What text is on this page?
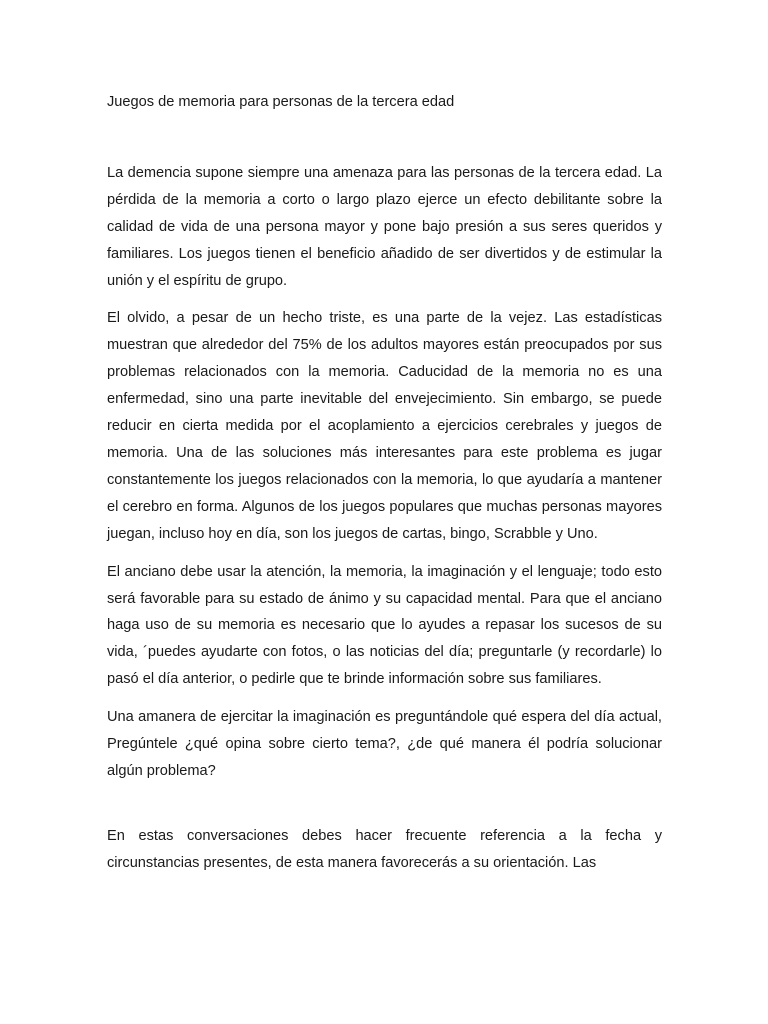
Juegos de memoria para personas de la tercera edad

La demencia supone siempre una amenaza para las personas de la tercera edad. La pérdida de la memoria a corto o largo plazo ejerce un efecto debilitante sobre la calidad de vida de una persona mayor y pone bajo presión a sus seres queridos y familiares. Los juegos tienen el beneficio añadido de ser divertidos y de estimular la unión y el espíritu de grupo.

El olvido, a pesar de un hecho triste, es una parte de la vejez. Las estadísticas muestran que alrededor del 75% de los adultos mayores están preocupados por sus problemas relacionados con la memoria. Caducidad de la memoria no es una enfermedad, sino una parte inevitable del envejecimiento. Sin embargo, se puede reducir en cierta medida por el acoplamiento a ejercicios cerebrales y juegos de memoria. Una de las soluciones más interesantes para este problema es jugar constantemente los juegos relacionados con la memoria, lo que ayudaría a mantener el cerebro en forma. Algunos de los juegos populares que muchas personas mayores juegan, incluso hoy en día, son los juegos de cartas, bingo, Scrabble y Uno.

El anciano debe usar la atención, la memoria, la imaginación y el lenguaje; todo esto será favorable para su estado de ánimo y su capacidad mental. Para que el anciano haga uso de su memoria es necesario que lo ayudes a repasar los sucesos de su vida, ´puedes ayudarte con fotos, o las noticias del día; preguntarle (y recordarle) lo pasó el día anterior, o pedirle que te brinde información sobre sus familiares.

Una amanera de ejercitar la imaginación es preguntándole qué espera del día actual, Pregúntele ¿qué opina sobre cierto tema?, ¿de qué manera él podría solucionar algún problema?

En estas conversaciones debes hacer frecuente referencia a la fecha y circunstancias presentes, de esta manera favorecerás a su orientación. Las
